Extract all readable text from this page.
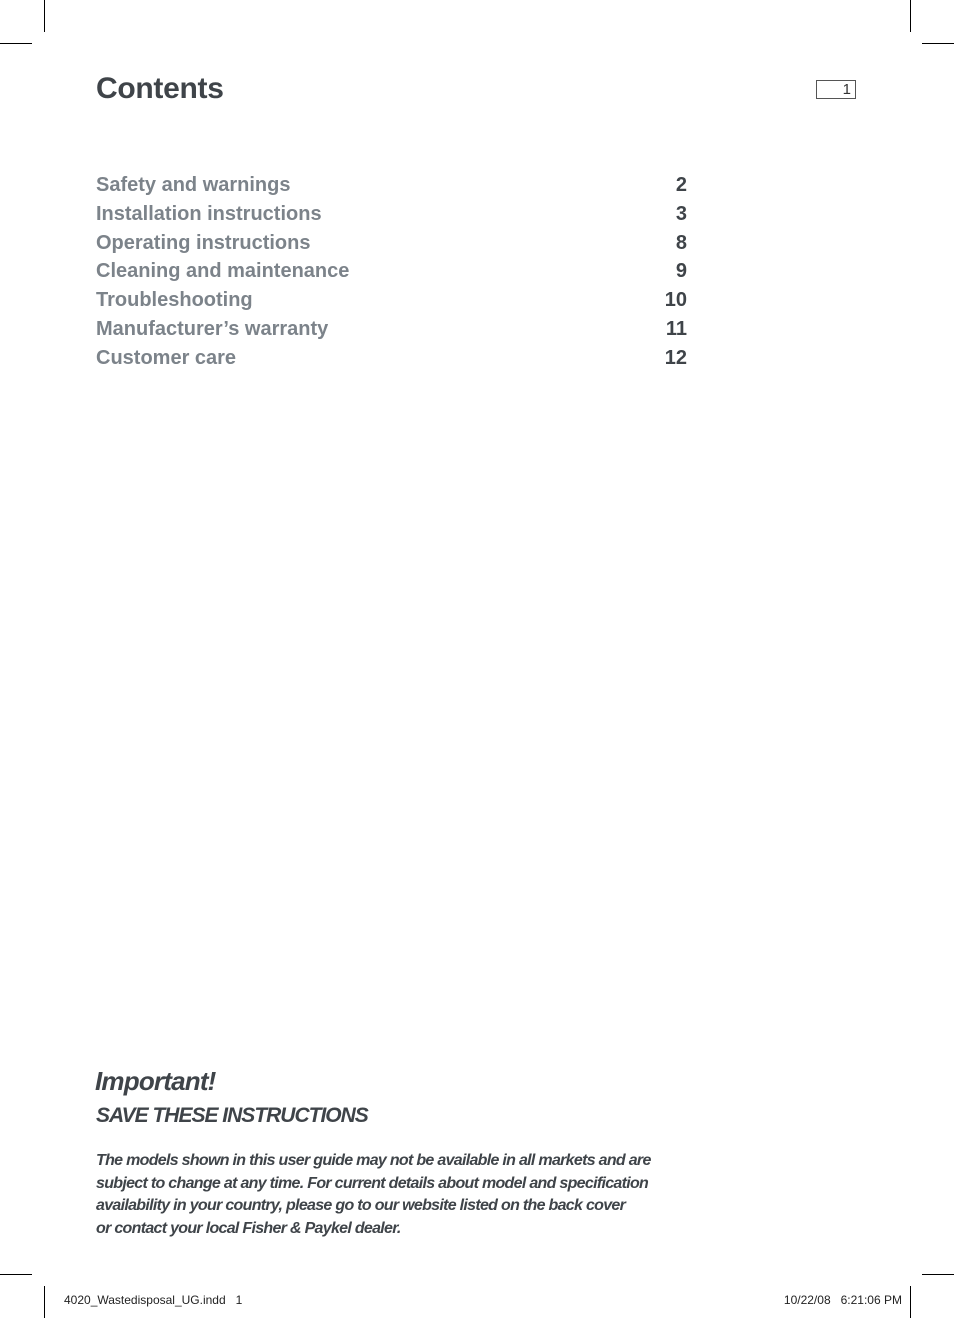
Contents	1
Safety and warnings	2
Installation instructions	3
Operating instructions	8
Cleaning and maintenance	9
Troubleshooting	10
Manufacturer’s warranty	11
Customer care	12
Important!
SAVE THESE INSTRUCTIONS
The models shown in this user guide may not be available in all markets and are
subject to change at any time. For current details about model and specification
availability in your country, please go to our website listed on the back cover
or contact your local Fisher & Paykel dealer.
4020_Wastedisposal_UG.indd   1	10/22/08   6:21:06 PM
